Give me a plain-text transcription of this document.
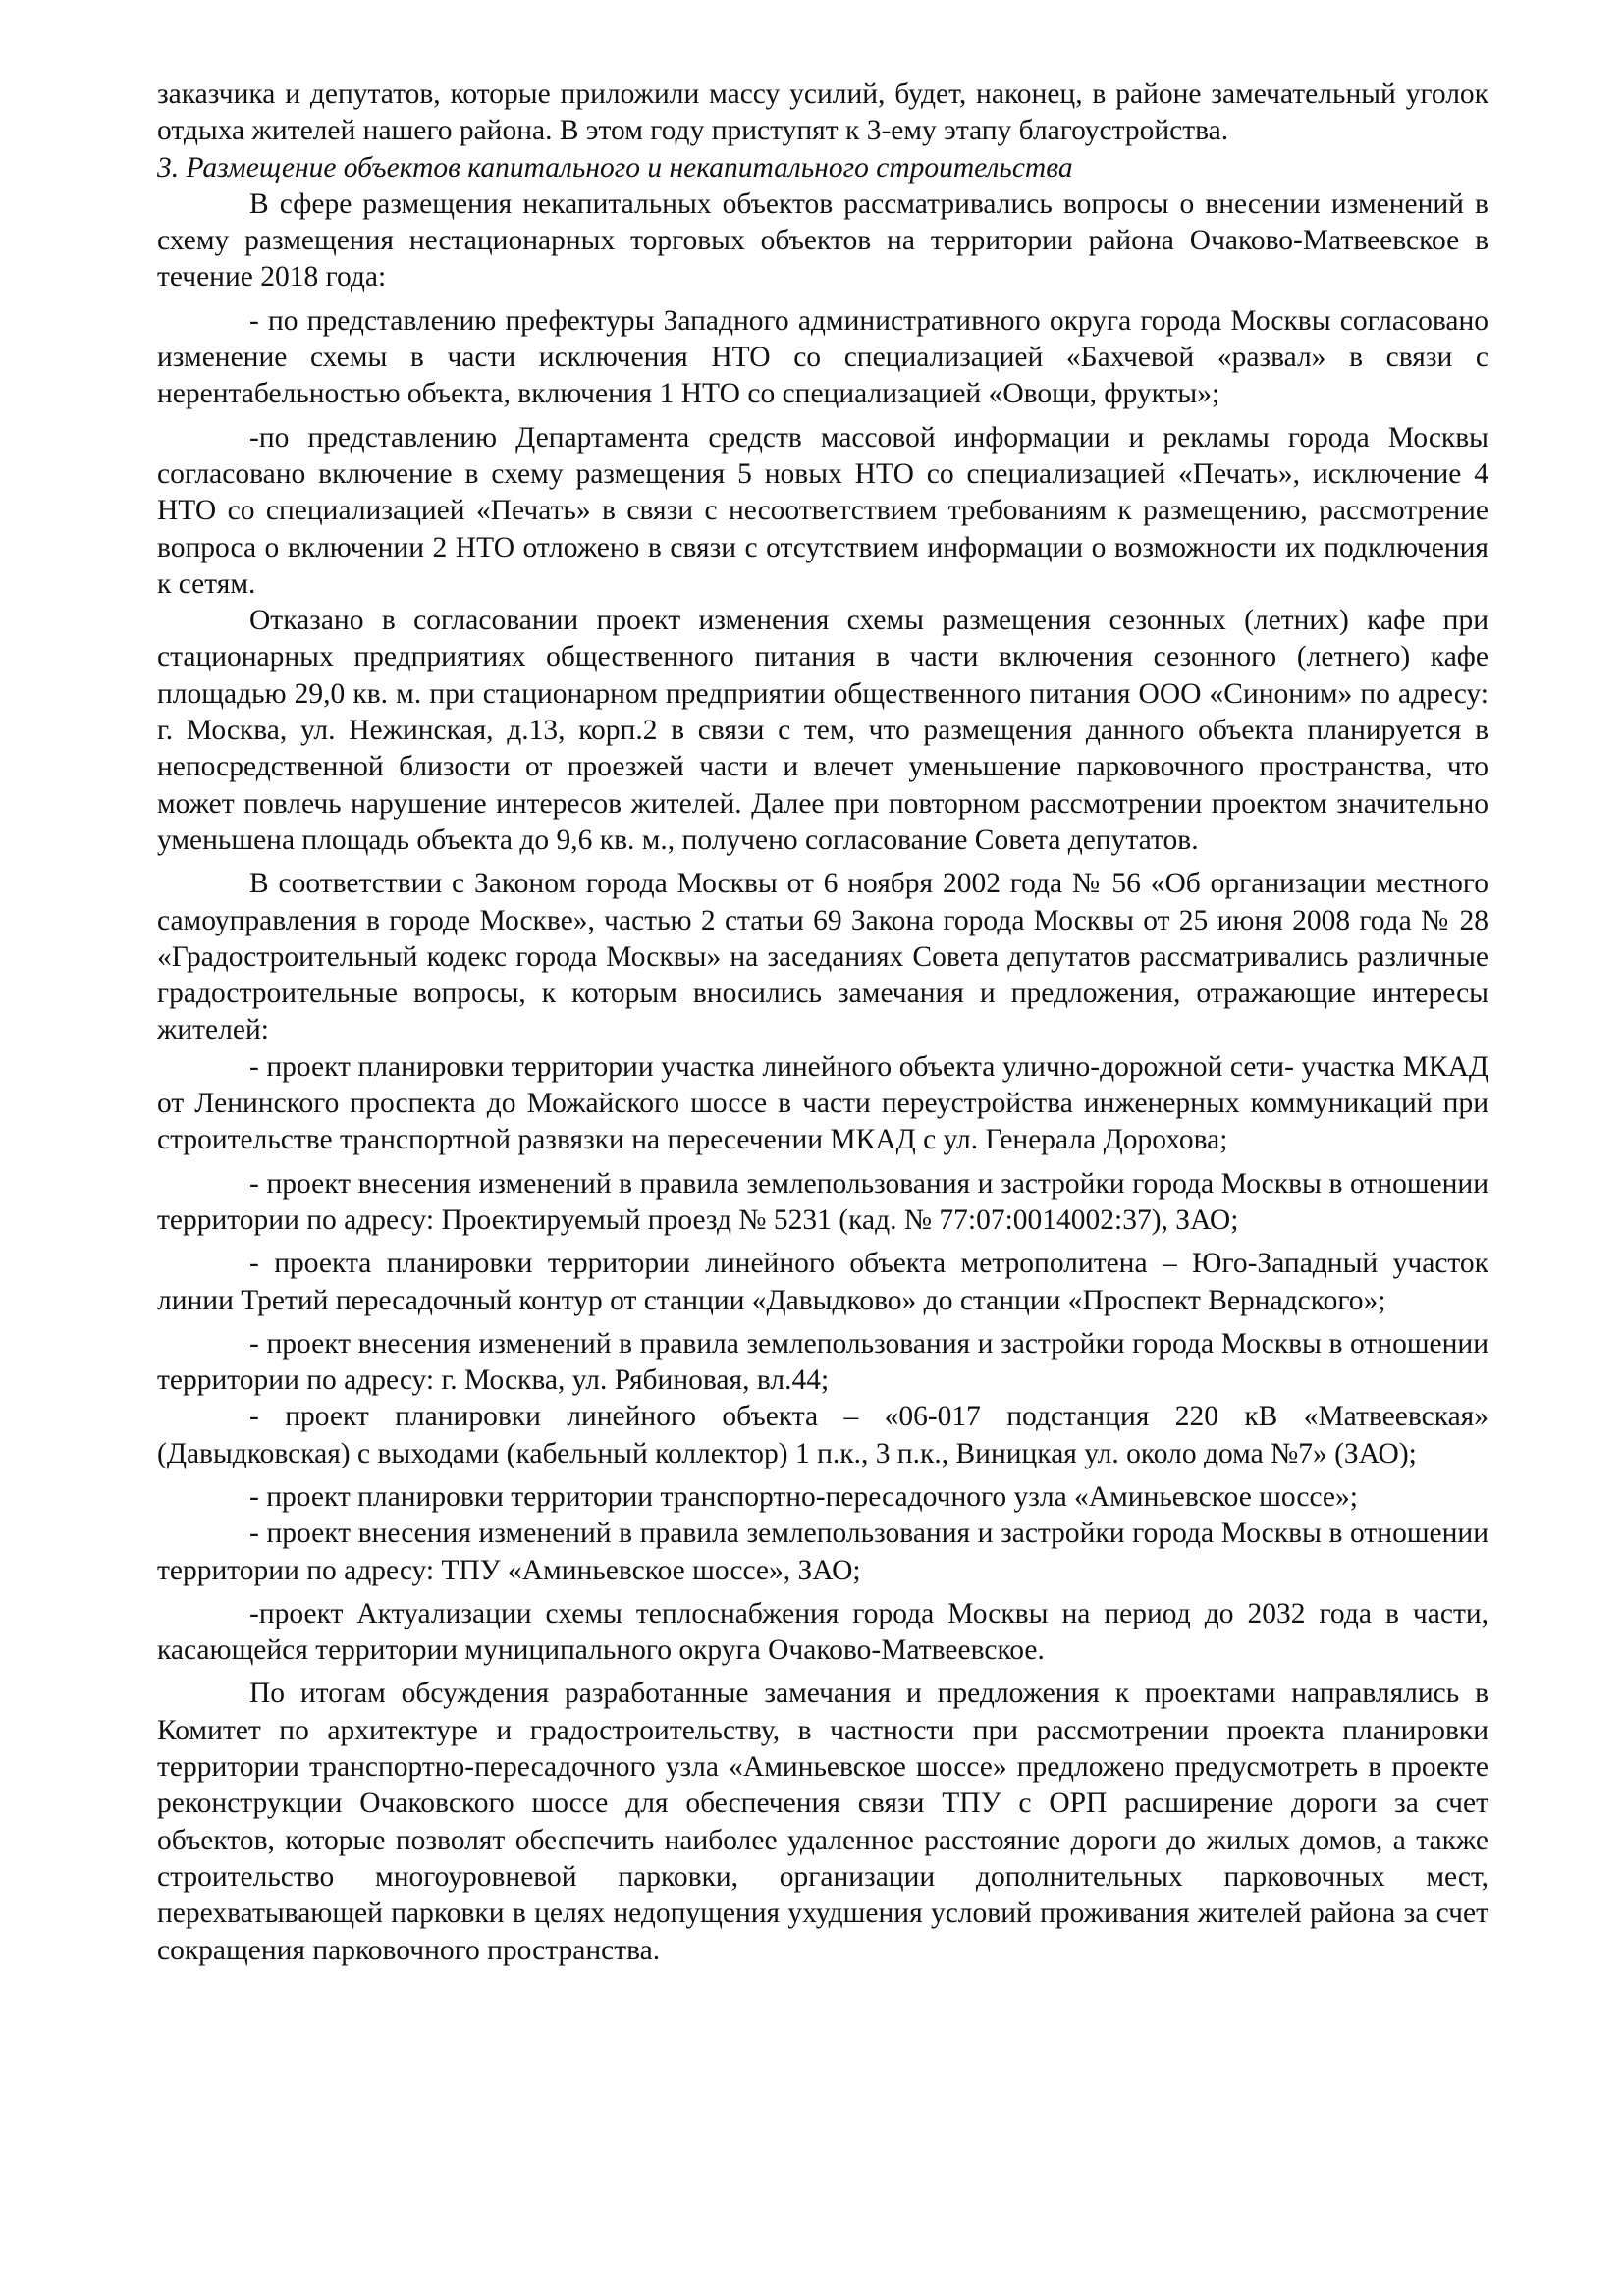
заказчика и депутатов, которые приложили массу усилий, будет, наконец, в районе замечательный уголок отдыха жителей нашего района. В этом году приступят к 3-ему этапу благоустройства.

3. Размещение объектов капитального и некапитального строительства

В сфере размещения некапитальных объектов рассматривались вопросы о внесении изменений в схему размещения нестационарных торговых объектов на территории района Очаково-Матвеевское в течение 2018 года:

- по представлению префектуры Западного административного округа города Москвы согласовано изменение схемы в части исключения НТО со специализацией «Бахчевой «развал» в связи с нерентабельностью объекта, включения 1 НТО со специализацией «Овощи, фрукты»;

-по представлению Департамента средств массовой информации и рекламы города Москвы согласовано включение в схему размещения 5 новых НТО со специализацией «Печать», исключение 4 НТО со специализацией «Печать» в связи с несоответствием требованиям к размещению, рассмотрение вопроса о включении 2 НТО отложено в связи с отсутствием информации о возможности их подключения к сетям.

Отказано в согласовании проект изменения схемы размещения сезонных (летних) кафе при стационарных предприятиях общественного питания в части включения сезонного (летнего) кафе площадью 29,0 кв. м. при стационарном предприятии общественного питания ООО «Синоним» по адресу: г. Москва, ул. Нежинская, д.13, корп.2 в связи с тем, что размещения данного объекта планируется в непосредственной близости от проезжей части и влечет уменьшение парковочного пространства, что может повлечь нарушение интересов жителей. Далее при повторном рассмотрении проектом значительно уменьшена площадь объекта до 9,6 кв. м., получено согласование Совета депутатов.

В соответствии с Законом города Москвы от 6 ноября 2002 года № 56 «Об организации местного самоуправления в городе Москве», частью 2 статьи 69 Закона города Москвы от 25 июня 2008 года № 28 «Градостроительный кодекс города Москвы» на заседаниях Совета депутатов рассматривались различные градостроительные вопросы, к которым вносились замечания и предложения, отражающие интересы жителей:

- проект планировки территории участка линейного объекта улично-дорожной сети- участка МКАД от Ленинского проспекта до Можайского шоссе в части переустройства инженерных коммуникаций при строительстве транспортной развязки на пересечении МКАД с ул. Генерала Дорохова;

- проект внесения изменений в правила землепользования и застройки города Москвы в отношении территории по адресу: Проектируемый проезд № 5231 (кад. № 77:07:0014002:37), ЗАО;

- проекта планировки территории линейного объекта метрополитена – Юго-Западный участок линии Третий пересадочный контур от станции «Давыдково» до станции «Проспект Вернадского»;

- проект внесения изменений в правила землепользования и застройки города Москвы в отношении территории по адресу: г. Москва, ул. Рябиновая, вл.44;

- проект планировки линейного объекта – «06-017 подстанция 220 кВ «Матвеевская» (Давыдковская) с выходами (кабельный коллектор) 1 п.к., 3 п.к., Виницкая ул. около дома №7» (ЗАО);

- проект планировки территории транспортно-пересадочного узла «Аминьевское шоссе»;

- проект внесения изменений в правила землепользования и застройки города Москвы в отношении территории по адресу: ТПУ «Аминьевское шоссе», ЗАО;

-проект Актуализации схемы теплоснабжения города Москвы на период до 2032 года в части, касающейся территории муниципального округа Очаково-Матвеевское.

По итогам обсуждения разработанные замечания и предложения к проектами направлялись в Комитет по архитектуре и градостроительству, в частности при рассмотрении проекта планировки территории транспортно-пересадочного узла «Аминьевское шоссе» предложено предусмотреть в проекте реконструкции Очаковского шоссе для обеспечения связи ТПУ с ОРП расширение дороги за счет объектов, которые позволят обеспечить наиболее удаленное расстояние дороги до жилых домов, а также строительство многоуровневой парковки, организации дополнительных парковочных мест, перехватывающей парковки в целях недопущения ухудшения условий проживания жителей района за счет сокращения парковочного пространства.
